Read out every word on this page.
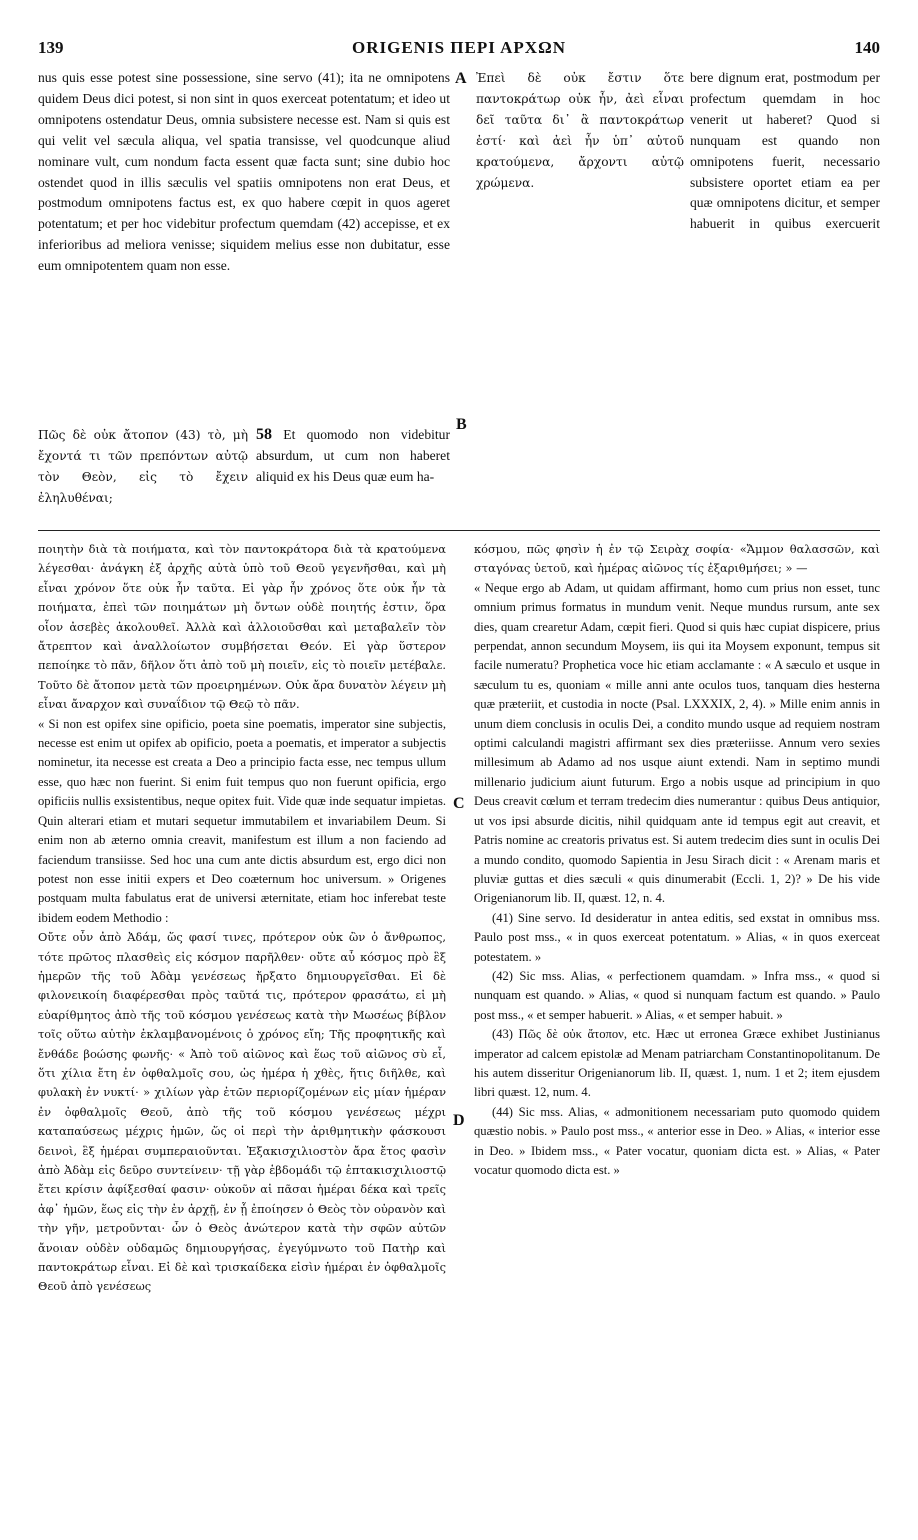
139	ORIGENIS ΠΕΡΙ ΑΡΧΩΝ	140
A
B
C
D

nus quis esse potest sine possessione, sine servo (41); ita ne omnipotens quidem Deus dici potest, si non sint in quos exerceat potentatum; et ideo ut omnipotens ostendatur Deus, omnia subsistere necesse est. Nam si quis est qui velit vel sæcula aliqua, vel spatia transisse, vel quodcunque aliud nominare vult, cum nondum facta essent quæ facta sunt; sine dubio hoc ostendet quod in illis sæculis vel spatiis omnipotens non erat Deus, et postmodum omnipotens factus est, ex quo habere cœpit in quos ageret potentatum; et per hoc videbitur profectum quemdam (42) accepisse, et ex inferioribus ad meliora venisse; siquidem melius esse non dubitatur, esse eum omnipotentem quam non esse.

Πῶς δὲ οὐκ ἄτοπον (43) τὸ, μὴ ἔχοντά τι τῶν πρεπόντων αὐτῷ τὸν Θεὸν, εἰς τὸ ἔχειν ἐληλυθέναι;

58 Et quomodo non videbitur absurdum, ut cum non haberet aliquid ex his Deus quæ eum ha-

Ἐπεὶ δὲ οὐκ ἔστιν ὅτε παντοκράτωρ οὐκ ἦν, ἀεὶ εἶναι δεῖ ταῦτα δι᾽ ἃ παντοκράτωρ ἐστί· καὶ ἀεὶ ἦν ὑπ᾽ αὐτοῦ κρατούμενα, ἄρχοντι αὐτῷ χρώμενα.

bere dignum erat, postmodum per profectum quemdam in hoc venerit ut haberet? Quod si nunquam est quando non omnipotens fuerit, necessario subsistere oportet etiam ea per quæ omnipotens dicitur, et semper habuerit in quibus exercuerit

ποιητὴν διὰ τὰ ποιήματα, καὶ τὸν παντοκράτορα διὰ τὰ κρατούμενα λέγεσθαι· ἀνάγκη ἐξ ἀρχῆς αὐτὰ ὑπὸ τοῦ Θεοῦ γεγενῆσθαι, καὶ μὴ εἶναι χρόνον ὅτε οὐκ ἦν ταῦτα. Εἰ γὰρ ἦν χρόνος ὅτε οὐκ ἦν τὰ ποιήματα, ἐπεὶ τῶν ποιημάτων μὴ ὄντων οὐδὲ ποιητής ἐστιν, ὅρα οἷον ἀσεβὲς ἀκολουθεῖ. Ἀλλὰ καὶ ἀλλοιοῦσθαι καὶ μεταβαλεῖν τὸν ἄτρεπτον καὶ ἀναλλοίωτον συμβήσεται Θεόν. Εἰ γὰρ ὕστερον πεποίηκε τὸ πᾶν, δῆλον ὅτι ἀπὸ τοῦ μὴ ποιεῖν, εἰς τὸ ποιεῖν μετέβαλε. Τοῦτο δὲ ἄτοπον μετὰ τῶν προειρημένων. Οὐκ ἄρα δυνατὸν λέγειν μὴ εἶναι ἄναρχον καὶ συναΐδιον τῷ Θεῷ τὸ πᾶν.

« Si non est opifex sine opificio, poeta sine poematis, imperator sine subjectis, necesse est enim ut opifex ab opificio, poeta a poematis, et imperator a subjectis nominetur, ita necesse est creata a Deo a principio facta esse, nec tempus ullum esse, quo hæc non fuerint. Si enim fuit tempus quo non fuerunt opificia, ergo opificiis nullis exsistentibus, neque opitex fuit. Vide quæ inde sequatur impietas. Quin alterari etiam et mutari sequetur immutabilem et invariabilem Deum. Si enim non ab æterno omnia creavit, manifestum est illum a non faciendo ad faciendum transiisse. Sed hoc una cum ante dictis absurdum est, ergo dici non potest non esse initii expers et Deo coæternum hoc universum. » Origenes postquam multa fabulatus erat de universi æternitate, etiam hoc inferebat teste ibidem eodem Methodio :

Οὔτε οὖν ἀπὸ Ἀδάμ, ὥς φασί τινες, πρότερον οὐκ ὢν ὁ ἄνθρωπος, τότε πρῶτος πλασθεὶς εἰς κόσμον παρῆλθεν· οὔτε αὖ κόσμος πρὸ ἓξ ἡμερῶν τῆς τοῦ Ἀδὰμ γενέσεως ἤρξατο δημιουργεῖσθαι. Εἰ δὲ φιλονεικοίη διαφέρεσθαι πρὸς ταῦτά τις, πρότερον φρασάτω, εἰ μὴ εὐαρίθμητος ἀπὸ τῆς τοῦ κόσμου γενέσεως κατὰ τὴν Μωσέως βίβλον τοῖς οὕτω αὐτὴν ἐκλαμβανομένοις ὁ χρόνος εἴη; Τῆς προφητικῆς καὶ ἔνθάδε βοώσης φωνῆς· « Ἀπὸ τοῦ αἰῶνος καὶ ἕως τοῦ αἰῶνος σὺ εἶ, ὅτι χίλια ἔτη ἐν ὀφθαλμοῖς σου, ὡς ἡμέρα ἡ χθὲς, ἥτις διῆλθε, καὶ φυλακὴ ἐν νυκτί· » χιλίων γὰρ ἐτῶν περιορίζομένων εἰς μίαν ἡμέραν ἐν ὀφθαλμοῖς Θεοῦ, ἀπὸ τῆς τοῦ κόσμου γενέσεως μέχρι καταπαύσεως μέχρις ἡμῶν, ὥς οἱ περὶ τὴν ἀριθμητικὴν φάσκουσι δεινοὶ, ἓξ ἡμέραι συμπεραιοῦνται. Ἑξακισχιλιοστὸν ἄρα ἔτος φασὶν ἀπὸ Ἀδὰμ εἰς δεῦρο συντείνειν· τῇ γὰρ ἑβδομάδι τῷ ἑπτακισχιλιοστῷ ἔτει κρίσιν ἀφίξεσθαί φασιν· οὐκοῦν αἱ πᾶσαι ἡμέραι δέκα καὶ τρεῖς ἀφ᾽ ἡμῶν, ἕως εἰς τὴν ἐν ἀρχῇ, ἐν ᾗ ἐποίησεν ὁ Θεὸς τὸν οὐρανὸν καὶ τὴν γῆν, μετροῦνται· ὧν ὁ Θεὸς ἀνώτερον κατὰ τὴν σφῶν αὐτῶν ἄνοιαν οὐδὲν οὐδαμῶς δημιουργήσας, ἐγεγύμνωτο τοῦ Πατὴρ καὶ παντοκράτωρ εἶναι. Εἰ δὲ καὶ τρισκαίδεκα εἰσὶν ἡμέραι ἐν ὀφθαλμοῖς Θεοῦ ἀπὸ γενέσεως

κόσμου, πῶς φησὶν ἡ ἐν τῷ Σειρὰχ σοφία· «Ἄμμον θαλασσῶν, καὶ σταγόνας ὑετοῦ, καὶ ἡμέρας αἰῶνος τίς ἐξαριθμήσει; » —

« Neque ergo ab Adam, ut quidam affirmant, homo cum prius non esset, tunc omnium primus formatus in mundum venit. Neque mundus rursum, ante sex dies, quam crearetur Adam, cœpit fieri. Quod si quis hæc cupiat dispicere, prius perpendat, annon secundum Moysem, iis qui ita Moysem exponunt, tempus sit facile numeratu? Prophetica voce hic etiam acclamante : « A sæculo et usque in sæculum tu es, quoniam « mille anni ante oculos tuos, tanquam dies hesterna quæ præteriit, et custodia in nocte (Psal. LXXXIX, 2, 4). » Mille enim annis in unum diem conclusis in oculis Dei, a condito mundo usque ad requiem nostram optimi calculandi magistri affirmant sex dies præteriisse. Annum vero sexies millesimum ab Adamo ad nos usque aiunt extendi. Nam in septimo mundi millenario judicium aiunt futurum. Ergo a nobis usque ad principium in quo Deus creavit cœlum et terram tredecim dies numerantur : quibus Deus antiquior, ut vos ipsi absurde dicitis, nihil quidquam ante id tempus egit aut creavit, et Patris nomine ac creatoris privatus est. Si autem tredecim dies sunt in oculis Dei a mundo condito, quomodo Sapientia in Jesu Sirach dicit : « Arenam maris et pluviæ guttas et dies sæculi « quis dinumerabit (Eccli. 1, 2)? » De his vide Origenianorum lib. II, quæst. 12, n. 4.

(41) Sine servo. Id desideratur in antea editis, sed exstat in omnibus mss. Paulo post mss., « in quos exerceat potentatum. » Alias, « in quos exerceat potestatem. »

(42) Sic mss. Alias, « perfectionem quamdam. » Infra mss., « quod si nunquam est quando. » Alias, « quod si nunquam factum est quando. » Paulo post mss., « et semper habuerit. » Alias, « et semper habuit. »

(43) Πῶς δὲ οὐκ ἄτοπον, etc. Hæc ut erronea Græce exhibet Justinianus imperator ad calcem epistolæ ad Menam patriarcham Constantinopolitanum. De his autem disseritur Origenianorum lib. II, quæst. 1, num. 1 et 2; item ejusdem libri quæst. 12, num. 4.

(44) Sic mss. Alias, « admonitionem necessariam puto quomodo quidem quæstio nobis. » Paulo post mss., « anterior esse in Deo. » Alias, « interior esse in Deo. » Ibidem mss., « Pater vocatur, quoniam dicta est. » Alias, « Pater vocatur quomodo dicta est. »
